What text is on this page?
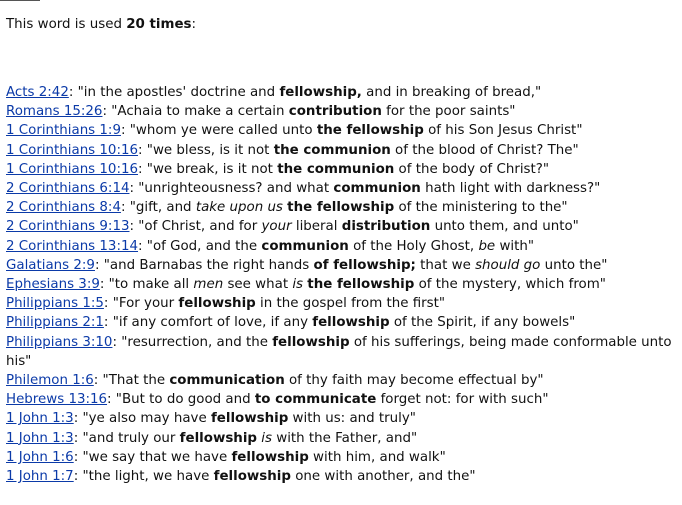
This word is used 20 times:

Acts 2:42: "in the apostles' doctrine and fellowship, and in breaking of bread,"

Romans 15:26: "Achaia to make a certain contribution for the poor saints"

1 Corinthians 1:9: "whom ye were called unto the fellowship of his Son Jesus Christ"

1 Corinthians 10:16: "we bless, is it not the communion of the blood of Christ? The"

1 Corinthians 10:16: "we break, is it not the communion of the body of Christ?"

2 Corinthians 6:14: "unrighteousness? and what communion hath light with darkness?"

2 Corinthians 8:4: "gift, and take upon us the fellowship of the ministering to the"

2 Corinthians 9:13: "of Christ, and for your liberal distribution unto them, and unto"

2 Corinthians 13:14: "of God, and the communion of the Holy Ghost, be with"

Galatians 2:9: "and Barnabas the right hands of fellowship; that we should go unto the"

Ephesians 3:9: "to make all men see what is the fellowship of the mystery, which from"

Philippians 1:5: "For your fellowship in the gospel from the first"

Philippians 2:1: "if any comfort of love, if any fellowship of the Spirit, if any bowels"

Philippians 3:10: "resurrection, and the fellowship of his sufferings, being made conformable unto his"

Philemon 1:6: "That the communication of thy faith may become effectual by"

Hebrews 13:16: "But to do good and to communicate forget not: for with such"

1 John 1:3: "ye also may have fellowship with us: and truly"

1 John 1:3: "and truly our fellowship is with the Father, and"

1 John 1:6: "we say that we have fellowship with him, and walk"

1 John 1:7: "the light, we have fellowship one with another, and the"
